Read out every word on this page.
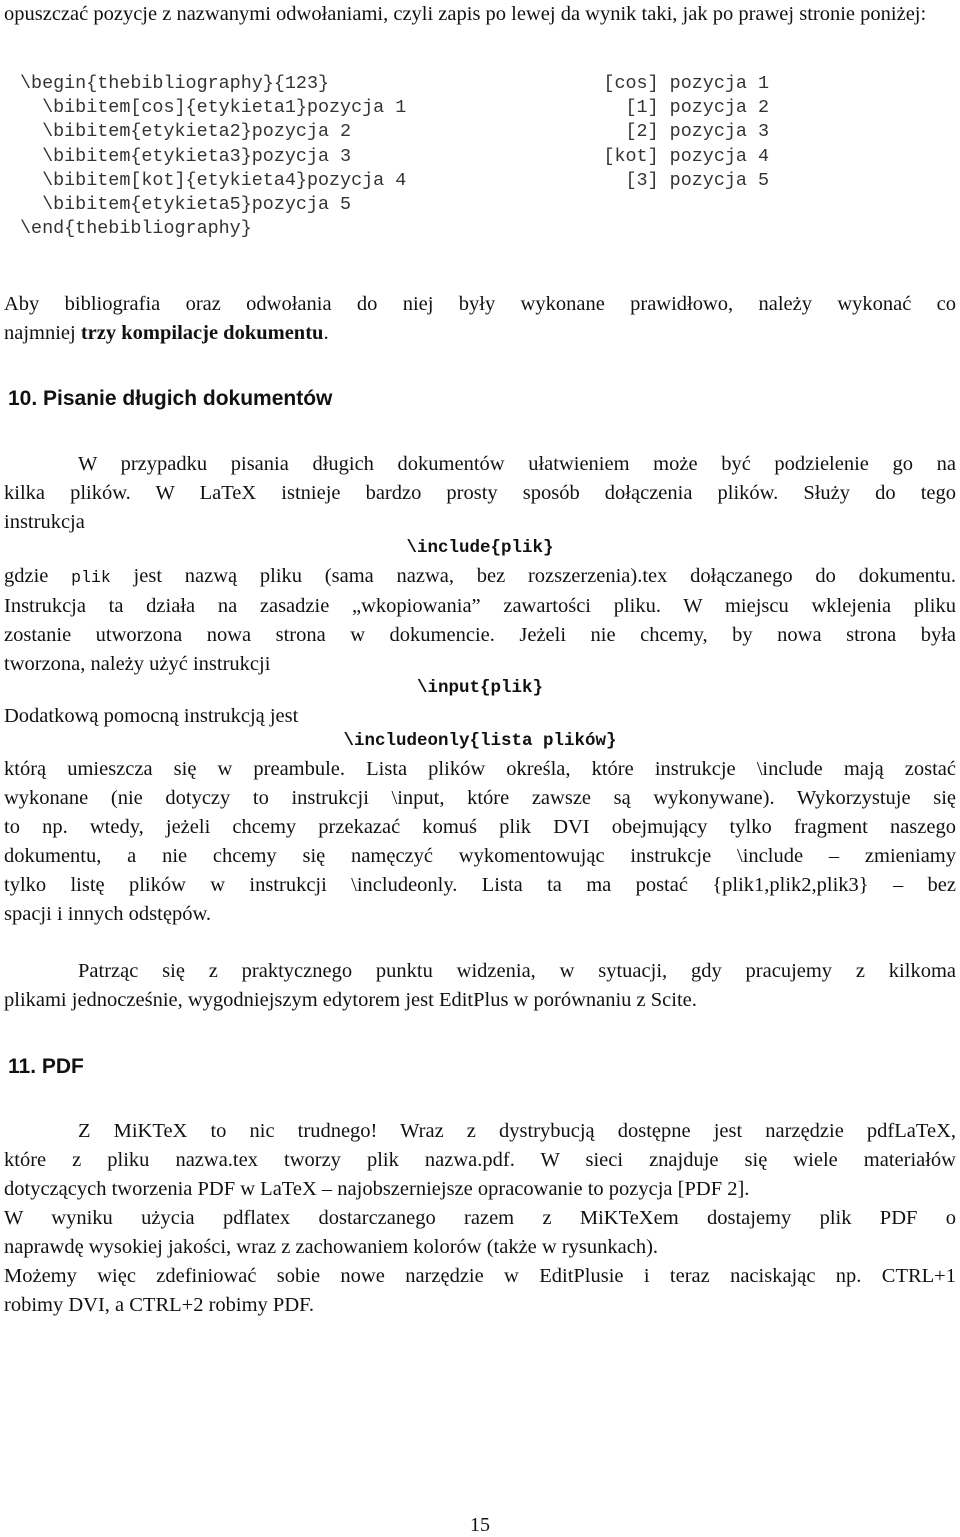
opuszczać pozycje z nazwanymi odwołaniami, czyli zapis po lewej da wynik taki, jak po prawej stronie poniżej:
\begin{thebibliography}{123}
\bibitem[cos]{etykieta1}pozycja 1
\bibitem{etykieta2}pozycja 2
\bibitem{etykieta3}pozycja 3
\bibitem[kot]{etykieta4}pozycja 4
\bibitem{etykieta5}pozycja 5
\end{thebibliography}
[cos] pozycja 1
[1] pozycja 2
[2] pozycja 3
[kot] pozycja 4
[3] pozycja 5
Aby bibliografia oraz odwołania do niej były wykonane prawidłowo, należy wykonać co
najmniej trzy kompilacje dokumentu.
10. Pisanie długich dokumentów
W przypadku pisania długich dokumentów ułatwieniem może być podzielenie go na
kilka plików. W LaTeX istnieje bardzo prosty sposób dołączenia plików. Służy do tego
instrukcja
\include{plik}
gdzie plik jest nazwą pliku (sama nazwa, bez rozszerzenia).tex dołączanego do dokumentu.
Instrukcja ta działa na zasadzie „wkopiowania” zawartości pliku. W miejscu wklejenia pliku
zostanie utworzona nowa strona w dokumencie. Jeżeli nie chcemy, by nowa strona była
tworzona, należy użyć instrukcji
\input{plik}
Dodatkową pomocną instrukcją jest
\includeonly{lista plików}
którą umieszcza się w preambule. Lista plików określa, które instrukcje \include mają zostać
wykonane (nie dotyczy to instrukcji \input, które zawsze są wykonywane). Wykorzystuje się
to np. wtedy, jeżeli chcemy przekazać komuś plik DVI obejmujący tylko fragment naszego
dokumentu, a nie chcemy się namęczyć wykomentowując instrukcje \include – zmieniamy
tylko listę plików w instrukcji \includeonly. Lista ta ma postać {plik1,plik2,plik3} – bez
spacji i innych odstępów.
Patrząc się z praktycznego punktu widzenia, w sytuacji, gdy pracujemy z kilkoma
plikami jednocześnie, wygodniejszym edytorem jest EditPlus w porównaniu z Scite.
11. PDF
Z MiKTeX to nic trudnego! Wraz z dystrybucją dostępne jest narzędzie pdfLaTeX,
które z pliku nazwa.tex tworzy plik nazwa.pdf. W sieci znajduje się wiele materiałów
dotyczących tworzenia PDF w LaTeX – najobszerniejsze opracowanie to pozycja [PDF 2].
W wyniku użycia pdflatex dostarczanego razem z MiKTeXem dostajemy plik PDF o
naprawdę wysokiej jakości, wraz z zachowaniem kolorów (także w rysunkach).
Możemy więc zdefiniować sobie nowe narzędzie w EditPlusie i teraz naciskając np. CTRL+1
robimy DVI, a CTRL+2 robimy PDF.
15
